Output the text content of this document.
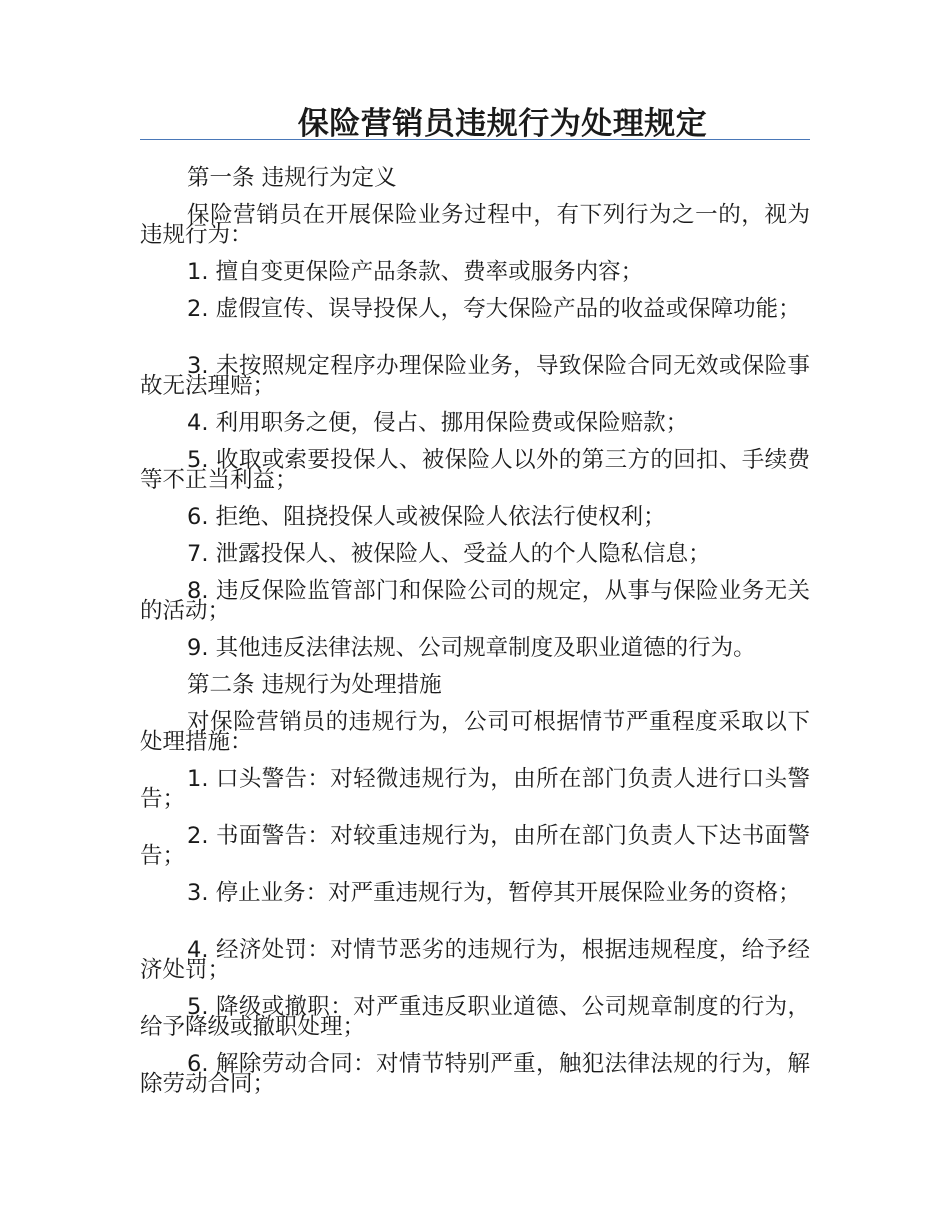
保险营销员违规行为处理规定

第一条 违规行为定义

保险营销员在开展保险业务过程中，有下列行为之一的，视为违规行为：

1. 擅自变更保险产品条款、费率或服务内容；

2. 虚假宣传、误导投保人，夸大保险产品的收益或保障功能；

3. 未按照规定程序办理保险业务，导致保险合同无效或保险事故无法理赔；

4. 利用职务之便，侵占、挪用保险费或保险赔款；

5. 收取或索要投保人、被保险人以外的第三方的回扣、手续费等不正当利益；

6. 拒绝、阻挠投保人或被保险人依法行使权利；

7. 泄露投保人、被保险人、受益人的个人隐私信息；

8. 违反保险监管部门和保险公司的规定，从事与保险业务无关的活动；

9. 其他违反法律法规、公司规章制度及职业道德的行为。

第二条 违规行为处理措施

对保险营销员的违规行为，公司可根据情节严重程度采取以下处理措施：

1. 口头警告：对轻微违规行为，由所在部门负责人进行口头警告；

2. 书面警告：对较重违规行为，由所在部门负责人下达书面警告；

3. 停止业务：对严重违规行为，暂停其开展保险业务的资格；

4. 经济处罚：对情节恶劣的违规行为，根据违规程度，给予经济处罚；

5. 降级或撤职：对严重违反职业道德、公司规章制度的行为，给予降级或撤职处理；

6. 解除劳动合同：对情节特别严重，触犯法律法规的行为，解除劳动合同；
